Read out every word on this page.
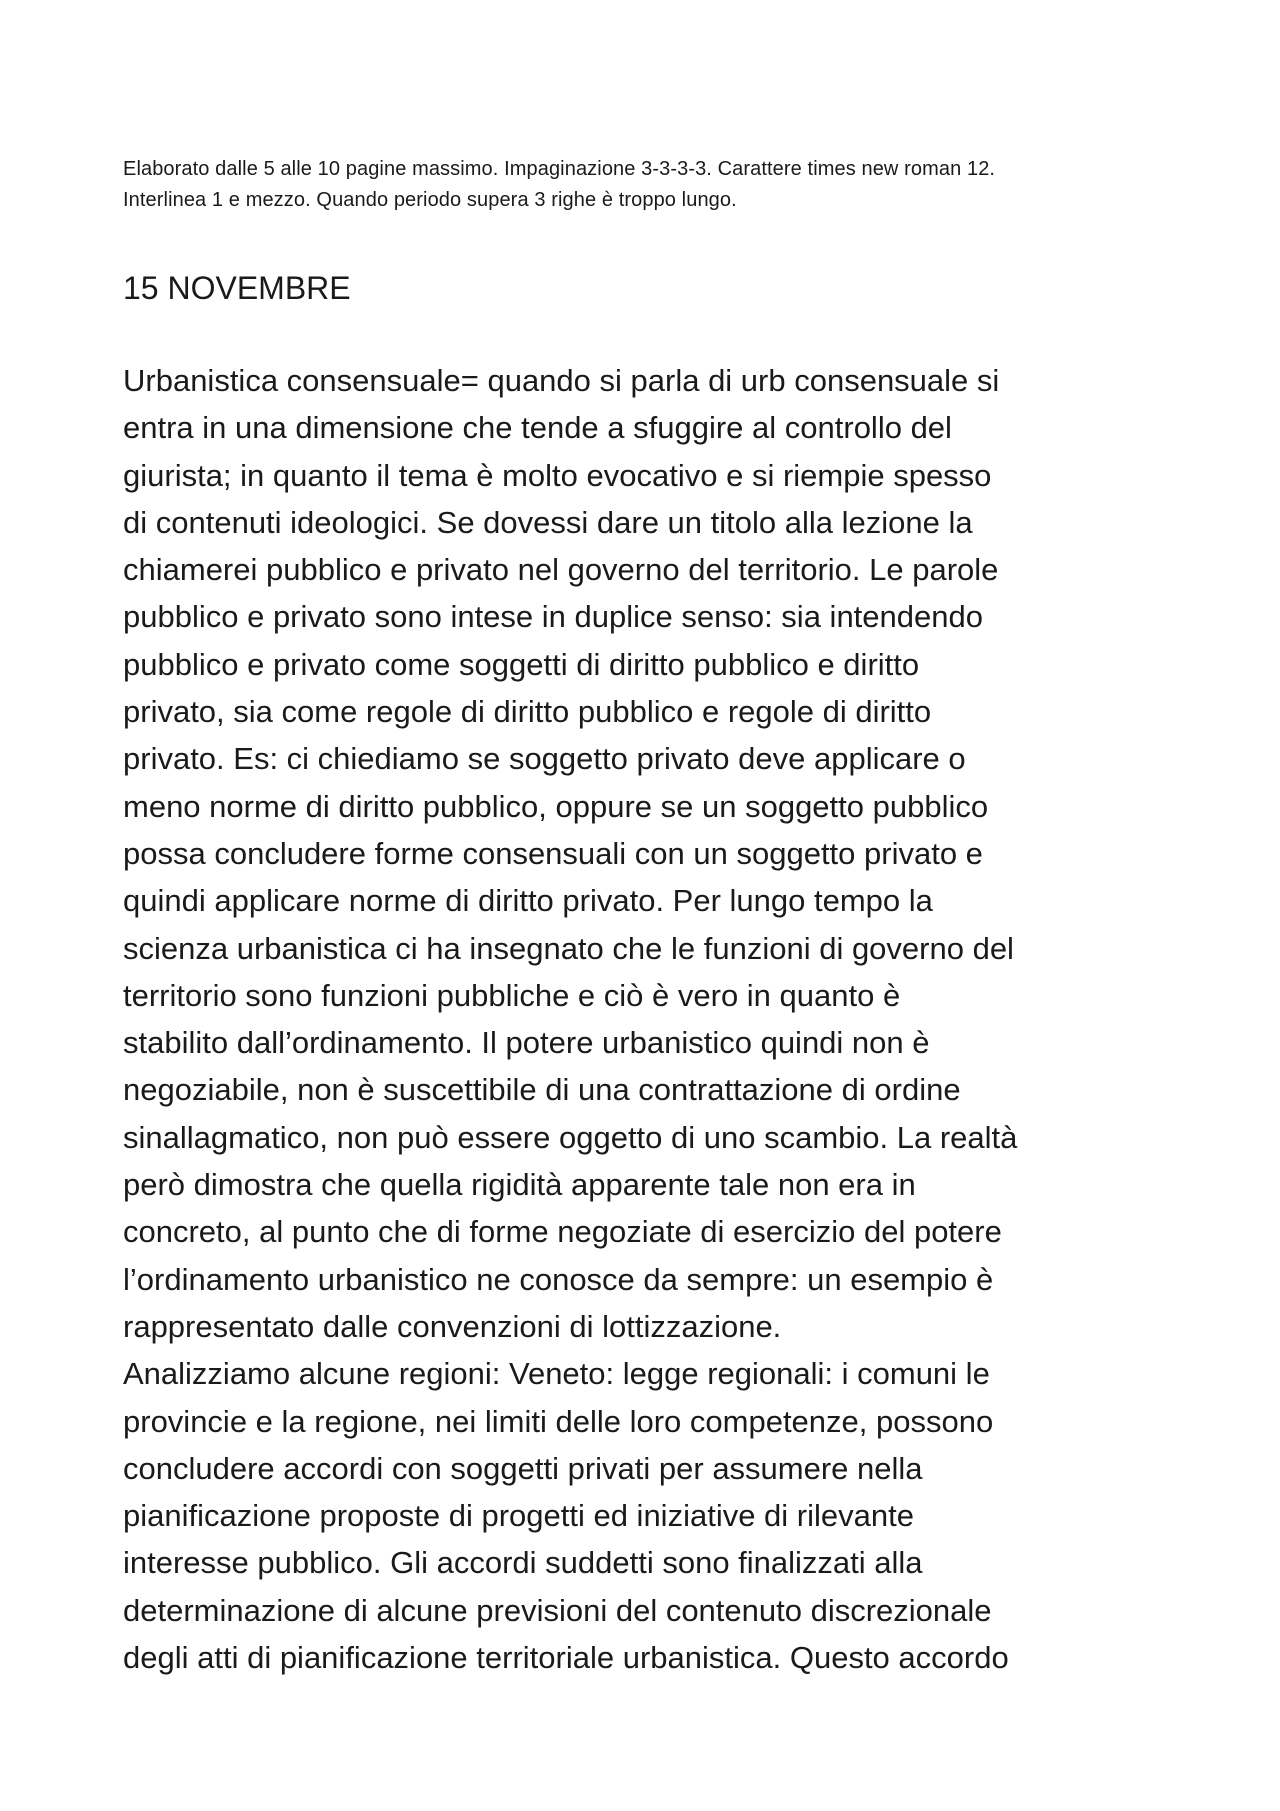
Elaborato dalle 5 alle 10 pagine massimo. Impaginazione 3-3-3-3. Carattere times new roman 12.

Interlinea 1 e mezzo. Quando periodo supera 3 righe è troppo lungo.

15 NOVEMBRE

Urbanistica consensuale= quando si parla di urb consensuale si

entra in una dimensione che tende a sfuggire al controllo del

giurista; in quanto il tema è molto evocativo e si riempie spesso

di contenuti ideologici. Se dovessi dare un titolo alla lezione la

chiamerei pubblico e privato nel governo del territorio. Le parole

pubblico e privato sono intese in duplice senso: sia intendendo

pubblico e privato come soggetti di diritto pubblico e diritto

privato, sia come regole di diritto pubblico e regole di diritto

privato. Es: ci chiediamo se soggetto privato deve applicare o

meno norme di diritto pubblico, oppure se un soggetto pubblico

possa concludere forme consensuali con un soggetto privato e

quindi applicare norme di diritto privato. Per lungo tempo la

scienza urbanistica ci ha insegnato che le funzioni di governo del

territorio sono funzioni pubbliche e ciò è vero in quanto è

stabilito dall’ordinamento. Il potere urbanistico quindi non è

negoziabile, non è suscettibile di una contrattazione di ordine

sinallagmatico, non può essere oggetto di uno scambio. La realtà

però dimostra che quella rigidità apparente tale non era in

concreto, al punto che di forme negoziate di esercizio del potere

l’ordinamento urbanistico ne conosce da sempre: un esempio è

rappresentato dalle convenzioni di lottizzazione.

Analizziamo alcune regioni: Veneto: legge regionali: i comuni le

provincie e la regione, nei limiti delle loro competenze, possono

concludere accordi con soggetti privati per assumere nella

pianificazione proposte di progetti ed iniziative di rilevante

interesse pubblico. Gli accordi suddetti sono finalizzati alla

determinazione di alcune previsioni del contenuto discrezionale

degli atti di pianificazione territoriale urbanistica. Questo accordo
